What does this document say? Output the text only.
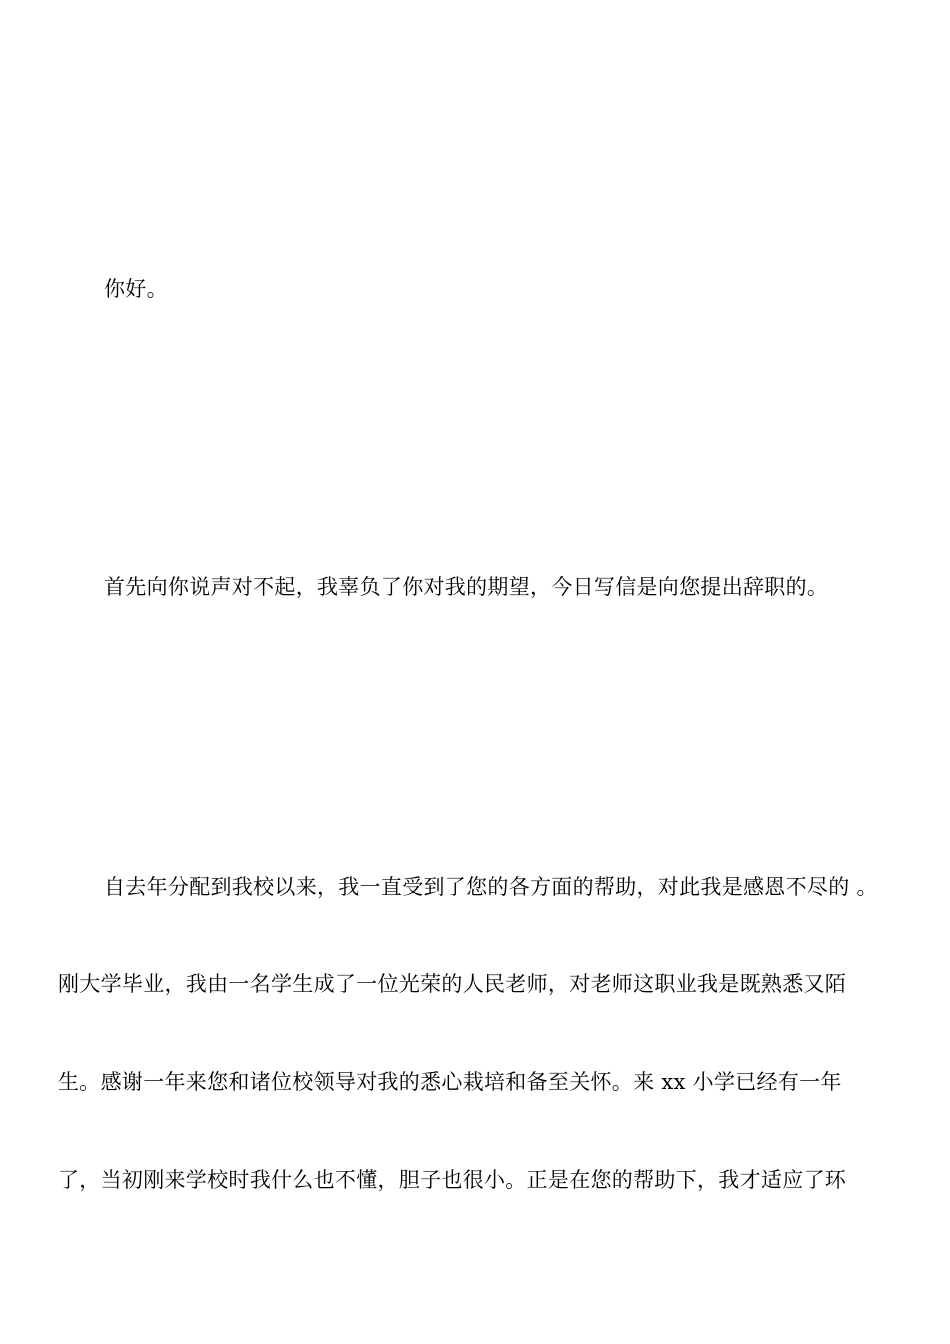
你好。
首先向你说声对不起，我辜负了你对我的期望，今日写信是向您提出辞职的。
自去年分配到我校以来，我一直受到了您的各方面的帮助，对此我是感恩不尽的 。
刚大学毕业，我由一名学生成了一位光荣的人民老师，对老师这职业我是既熟悉又陌
生。感谢一年来您和诸位校领导对我的悉心栽培和备至关怀。来 xx 小学已经有一年
了，当初刚来学校时我什么也不懂，胆子也很小。正是在您的帮助下，我才适应了环
